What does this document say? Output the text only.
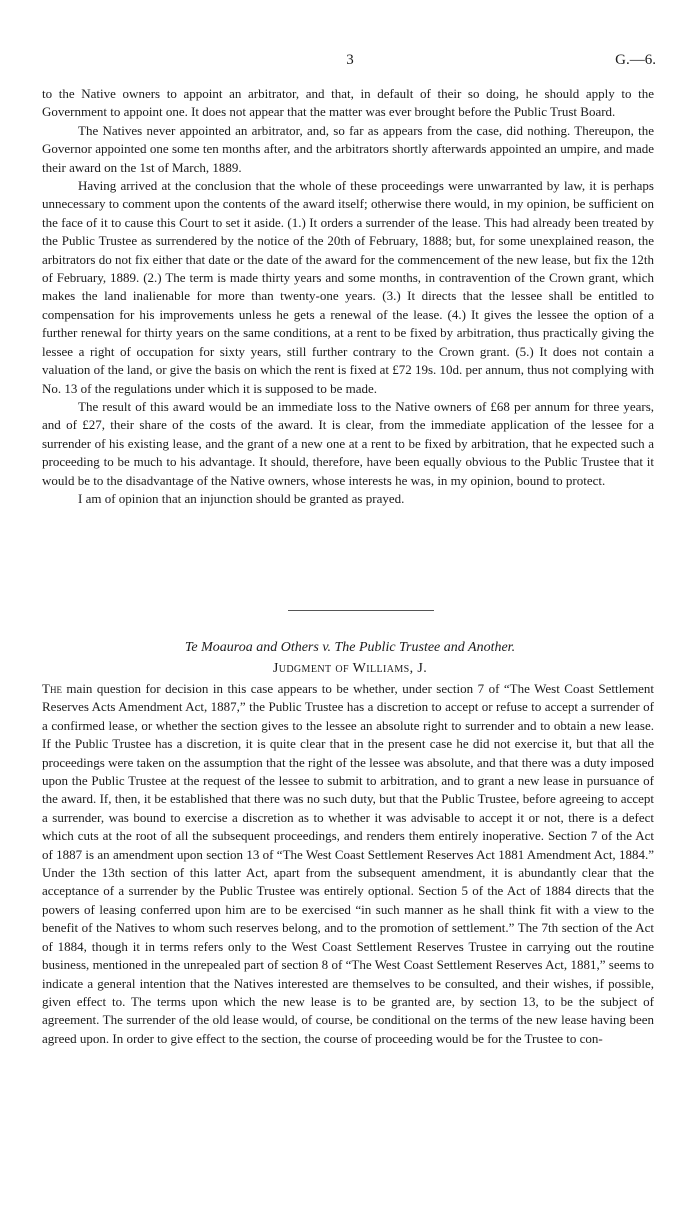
3	G.—6.

to the Native owners to appoint an arbitrator, and that, in default of their so doing, he should apply to the Government to appoint one. It does not appear that the matter was ever brought before the Public Trust Board.

The Natives never appointed an arbitrator, and, so far as appears from the case, did nothing. Thereupon, the Governor appointed one some ten months after, and the arbitrators shortly afterwards appointed an umpire, and made their award on the 1st of March, 1889.

Having arrived at the conclusion that the whole of these proceedings were unwarranted by law, it is perhaps unnecessary to comment upon the contents of the award itself; otherwise there would, in my opinion, be sufficient on the face of it to cause this Court to set it aside. (1.) It orders a surrender of the lease. This had already been treated by the Public Trustee as surrendered by the notice of the 20th of February, 1888; but, for some unexplained reason, the arbitrators do not fix either that date or the date of the award for the commencement of the new lease, but fix the 12th of February, 1889. (2.) The term is made thirty years and some months, in contravention of the Crown grant, which makes the land inalienable for more than twenty-one years. (3.) It directs that the lessee shall be entitled to compensation for his improvements unless he gets a renewal of the lease. (4.) It gives the lessee the option of a further renewal for thirty years on the same conditions, at a rent to be fixed by arbitration, thus practically giving the lessee a right of occupation for sixty years, still further contrary to the Crown grant. (5.) It does not contain a valuation of the land, or give the basis on which the rent is fixed at £72 19s. 10d. per annum, thus not complying with No. 13 of the regulations under which it is supposed to be made.

The result of this award would be an immediate loss to the Native owners of £68 per annum for three years, and of £27, their share of the costs of the award. It is clear, from the immediate application of the lessee for a surrender of his existing lease, and the grant of a new one at a rent to be fixed by arbitration, that he expected such a proceeding to be much to his advantage. It should, therefore, have been equally obvious to the Public Trustee that it would be to the disadvantage of the Native owners, whose interests he was, in my opinion, bound to protect.

I am of opinion that an injunction should be granted as prayed.

Te Moauroa and Others v. The Public Trustee and Another.
Judgment of Williams, J.

The main question for decision in this case appears to be whether, under section 7 of “The West Coast Settlement Reserves Acts Amendment Act, 1887,” the Public Trustee has a discretion to accept or refuse to accept a surrender of a confirmed lease, or whether the section gives to the lessee an absolute right to surrender and to obtain a new lease. If the Public Trustee has a discretion, it is quite clear that in the present case he did not exercise it, but that all the proceedings were taken on the assumption that the right of the lessee was absolute, and that there was a duty imposed upon the Public Trustee at the request of the lessee to submit to arbitration, and to grant a new lease in pursuance of the award. If, then, it be established that there was no such duty, but that the Public Trustee, before agreeing to accept a surrender, was bound to exercise a discretion as to whether it was advisable to accept it or not, there is a defect which cuts at the root of all the subsequent proceedings, and renders them entirely inoperative. Section 7 of the Act of 1887 is an amendment upon section 13 of “The West Coast Settlement Reserves Act 1881 Amendment Act, 1884.” Under the 13th section of this latter Act, apart from the subsequent amendment, it is abundantly clear that the acceptance of a surrender by the Public Trustee was entirely optional. Section 5 of the Act of 1884 directs that the powers of leasing conferred upon him are to be exercised “in such manner as he shall think fit with a view to the benefit of the Natives to whom such reserves belong, and to the promotion of settlement.” The 7th section of the Act of 1884, though it in terms refers only to the West Coast Settlement Reserves Trustee in carrying out the routine business, mentioned in the unrepealed part of section 8 of “The West Coast Settlement Reserves Act, 1881,” seems to indicate a general intention that the Natives interested are themselves to be consulted, and their wishes, if possible, given effect to. The terms upon which the new lease is to be granted are, by section 13, to be the subject of agreement. The surrender of the old lease would, of course, be conditional on the terms of the new lease having been agreed upon. In order to give effect to the section, the course of proceeding would be for the Trustee to con-
